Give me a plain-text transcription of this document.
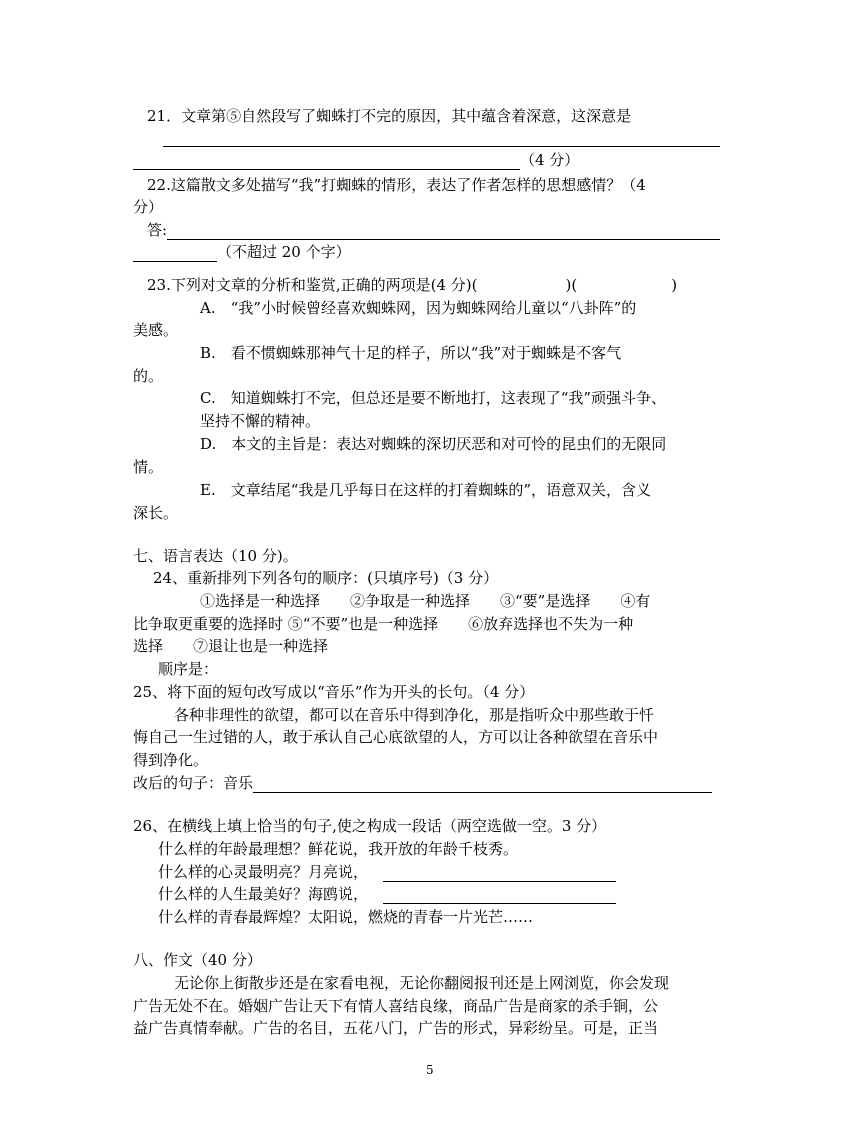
21．文章第⑤自然段写了蜘蛛打不完的原因，其中蕴含着深意，这深意是
（4 分）
22.这篇散文多处描写“我”打蜘蛛的情形，表达了作者怎样的思想感情？（4
分）
答:
（不超过 20 个字）
23.下列对文章的分析和鉴赏,正确的两项是(4 分)(	)(	)
A.　“我”小时候曾经喜欢蜘蛛网，因为蜘蛛网给儿童以“八卦阵”的
美感。
B.　看不惯蜘蛛那神气十足的样子，所以“我”对于蜘蛛是不客气
的。
C.　知道蜘蛛打不完，但总还是要不断地打，这表现了“我”顽强斗争、
坚持不懈的精神。
D.　本文的主旨是：表达对蜘蛛的深切厌恶和对可怜的昆虫们的无限同
情。
E.　文章结尾“我是几乎每日在这样的打着蜘蛛的”，语意双关，含义
深长。
七、语言表达（10 分)。
24、重新排列下列各句的顺序：(只填序号)（3 分）
①选择是一种选择　　②争取是一种选择　　③“要”是选择　　④有
比争取更重要的选择时 ⑤“不要”也是一种选择　　⑥放弃选择也不失为一种
选择　　⑦退让也是一种选择
顺序是：
25、将下面的短句改写成以“音乐”作为开头的长句。（4 分）
各种非理性的欲望，都可以在音乐中得到净化，那是指听众中那些敢于忏
悔自己一生过错的人，敢于承认自己心底欲望的人，方可以让各种欲望在音乐中
得到净化。
改后的句子：音乐
26、在横线上填上恰当的句子,使之构成一段话（两空选做一空。3 分）
什么样的年龄最理想？鲜花说，我开放的年龄千枝秀。
什么样的心灵最明亮？月亮说，
什么样的人生最美好？海鸥说，
什么样的青春最辉煌？太阳说，燃烧的青春一片光芒……
八、作文（40 分）
无论你上街散步还是在家看电视，无论你翻阅报刊还是上网浏览，你会发现
广告无处不在。婚姻广告让天下有情人喜结良缘，商品广告是商家的杀手锏，公
益广告真情奉献。广告的名目，五花八门，广告的形式，异彩纷呈。可是，正当
5
